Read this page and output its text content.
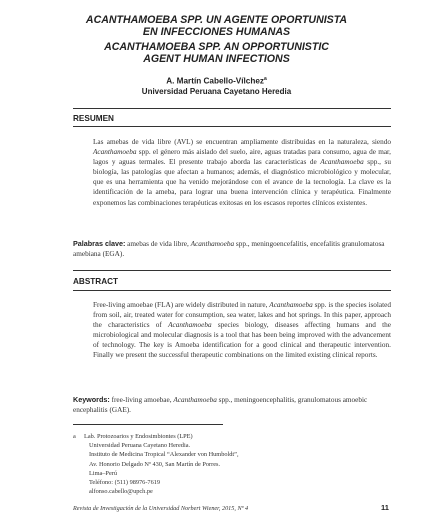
ACANTHAMOEBA SPP. UN AGENTE OPORTUNISTA
EN INFECCIONES HUMANAS
ACANTHAMOEBA SPP. AN OPPORTUNISTIC
AGENT HUMAN INFECTIONS
A. Martín Cabello-Vílchez$^a$
Universidad Peruana Cayetano Heredia
RESUMEN
Las amebas de vida libre (AVL) se encuentran ampliamente distribuidas en la naturaleza, siendo Acanthamoeba spp. el género más aislado del suelo, aire, aguas tratadas para consumo, agua de mar, lagos y aguas termales. El presente trabajo aborda las características de Acanthamoeba spp., su biología, las patologías que afectan a humanos; además, el diagnóstico microbiológico y molecular, que es una herramienta que ha venido mejorándose con el avance de la tecnología. La clave es la identificación de la ameba, para lograr una buena intervención clínica y terapéutica. Finalmente exponemos las combinaciones terapéuticas exitosas en los escasos reportes clínicos existentes.
Palabras clave: amebas de vida libre, Acanthamoeba spp., meningoencefalitis, encefalitis granulomatosa amebiana (EGA).
ABSTRACT
Free-living amoebae (FLA) are widely distributed in nature, Acanthamoeba spp. is the species isolated from soil, air, treated water for consumption, sea water, lakes and hot springs. In this paper, approach the characteristics of Acanthamoeba species biology, diseases affecting humans and the microbiological and molecular diagnosis is a tool that has been being improved with the advancement of technology. The key is Amoeba identification for a good clinical and therapeutic intervention. Finally we present the successful therapeutic combinations on the limited existing clinical reports.
Keywords: free-living amoebae, Acanthamoeba spp., meningoencephalitis, granulomatous amoebic encephalitis (GAE).
a Lab. Protozoarios y Endosimbiontes (LPE)
Universidad Peruana Cayetano Heredia.
Instituto de Medicina Tropical “Alexander von Humboldt”,
Av. Honorio Delgado Nº 430, San Martín de Porres.
Lima–Perú
Teléfono: (511) 98976-7619
alfonso.cabello@upch.pe
Revista de Investigación de la Universidad Norbert Wiener, 2015, Nº 4	11
